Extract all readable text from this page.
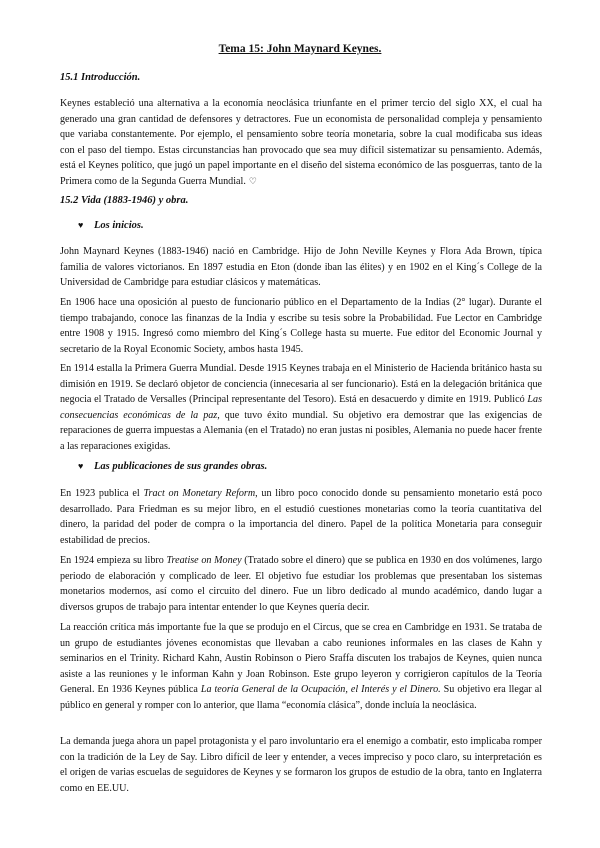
Tema 15: John Maynard Keynes.
15.1 Introducción.
Keynes estableció una alternativa a la economía neoclásica triunfante en el primer tercio del siglo XX, el cual ha generado una gran cantidad de defensores y detractores. Fue un economista de personalidad compleja y pensamiento que variaba constantemente. Por ejemplo, el pensamiento sobre teoría monetaria, sobre la cual modificaba sus ideas con el paso del tiempo. Estas circunstancias han provocado que sea muy difícil sistematizar su pensamiento. Además, está el Keynes político, que jugó un papel importante en el diseño del sistema económico de las posguerras, tanto de la Primera como de la Segunda Guerra Mundial. ♡
15.2 Vida (1883-1946) y obra.
♥ Los inicios.
John Maynard Keynes (1883-1946) nació en Cambridge. Hijo de John Neville Keynes y Flora Ada Brown, típica familia de valores victorianos. En 1897 estudia en Eton (donde iban las élites) y en 1902 en el King´s College de la Universidad de Cambridge para estudiar clásicos y matemáticas.
En 1906 hace una oposición al puesto de funcionario público en el Departamento de la Indias (2° lugar). Durante el tiempo trabajando, conoce las finanzas de la India y escribe su tesis sobre la Probabilidad. Fue Lector en Cambridge entre 1908 y 1915. Ingresó como miembro del King´s College hasta su muerte. Fue editor del Economic Journal y secretario de la Royal Economic Society, ambos hasta 1945.
En 1914 estalla la Primera Guerra Mundial. Desde 1915 Keynes trabaja en el Ministerio de Hacienda británico hasta su dimisión en 1919. Se declaró objetor de conciencia (innecesaria al ser funcionario). Está en la delegación británica que negocia el Tratado de Versalles (Principal representante del Tesoro). Está en desacuerdo y dimite en 1919. Publicó Las consecuencias económicas de la paz, que tuvo éxito mundial. Su objetivo era demostrar que las exigencias de reparaciones de guerra impuestas a Alemania (en el Tratado) no eran justas ni posibles, Alemania no puede hacer frente a las reparaciones exigidas.
♥ Las publicaciones de sus grandes obras.
En 1923 publica el Tract on Monetary Reform, un libro poco conocido donde su pensamiento monetario está poco desarrollado. Para Friedman es su mejor libro, en el estudió cuestiones monetarias como la teoría cuantitativa del dinero, la paridad del poder de compra o la importancia del dinero. Papel de la política Monetaria para conseguir estabilidad de precios.
En 1924 empieza su libro Treatise on Money (Tratado sobre el dinero) que se publica en 1930 en dos volúmenes, largo periodo de elaboración y complicado de leer. El objetivo fue estudiar los problemas que presentaban los sistemas monetarios modernos, así como el circuito del dinero. Fue un libro dedicado al mundo académico, dando lugar a diversos grupos de trabajo para intentar entender lo que Keynes quería decir.
La reacción crítica más importante fue la que se produjo en el Circus, que se crea en Cambridge en 1931. Se trataba de un grupo de estudiantes jóvenes economistas que llevaban a cabo reuniones informales en las clases de Kahn y seminarios en el Trinity. Richard Kahn, Austin Robinson o Piero Sraffa discuten los trabajos de Keynes, quien nunca asiste a las reuniones y le informan Kahn y Joan Robinson. Este grupo leyeron y corrigieron capítulos de la Teoría General. En 1936 Keynes pública La teoría General de la Ocupación, el Interés y el Dinero. Su objetivo era llegar al público en general y romper con lo anterior, que llama “economía clásica”, donde incluía la neoclásica.
La demanda juega ahora un papel protagonista y el paro involuntario era el enemigo a combatir, esto implicaba romper con la tradición de la Ley de Say. Libro difícil de leer y entender, a veces impreciso y poco claro, su interpretación es el origen de varias escuelas de seguidores de Keynes y se formaron los grupos de estudio de la obra, tanto en Inglaterra como en EE.UU.
